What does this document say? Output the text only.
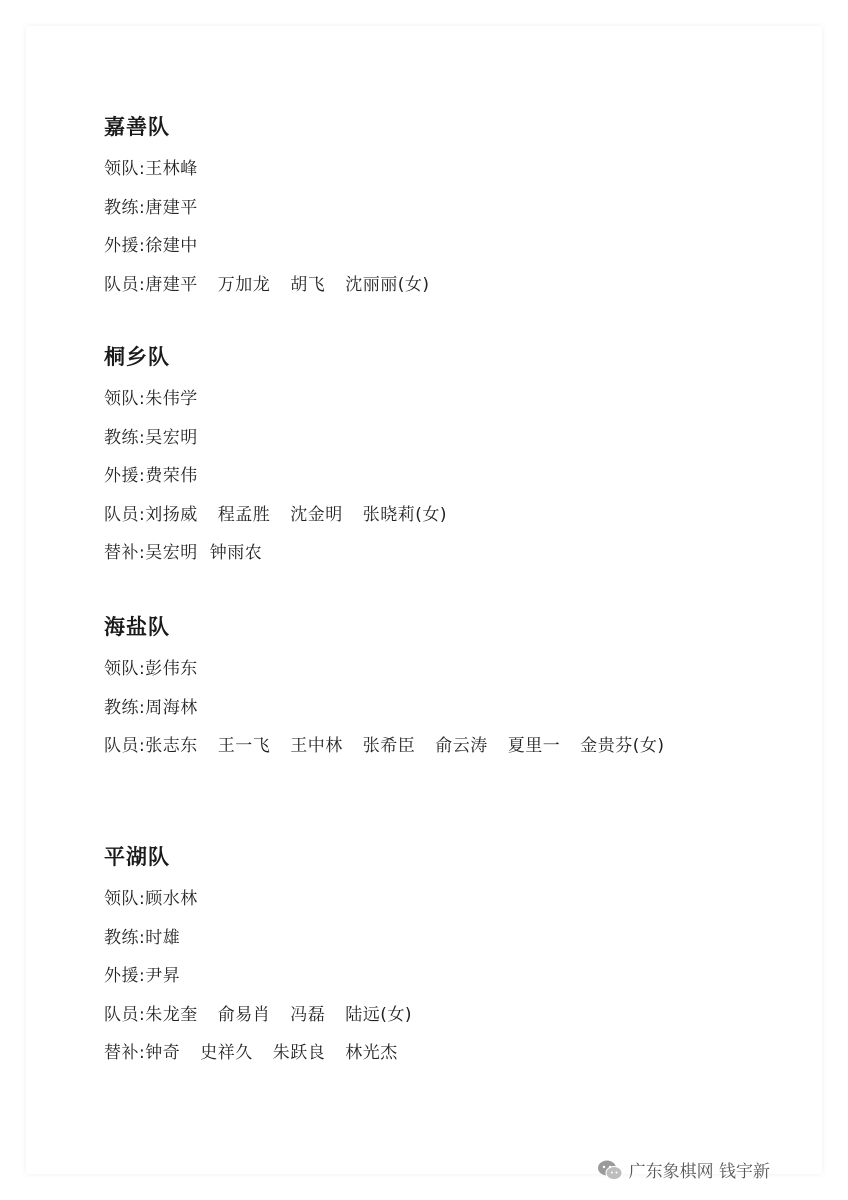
嘉善队
领队:王林峰
教练:唐建平
外援:徐建中
队员:唐建平 万加龙 胡飞 沈丽丽(女)
桐乡队
领队:朱伟学
教练:吴宏明
外援:费荣伟
队员:刘扬威 程孟胜 沈金明 张晓莉(女)
替补:吴宏明 钟雨农
海盐队
领队:彭伟东
教练:周海林
队员:张志东 王一飞 王中林 张希臣 俞云涛 夏里一 金贵芬(女)
平湖队
领队:顾水林
教练:时雄
外援:尹昇
队员:朱龙奎 俞易肖 冯磊 陆远(女)
替补:钟奇 史祥久 朱跃良 林光杰
广东象棋网 钱宇新
